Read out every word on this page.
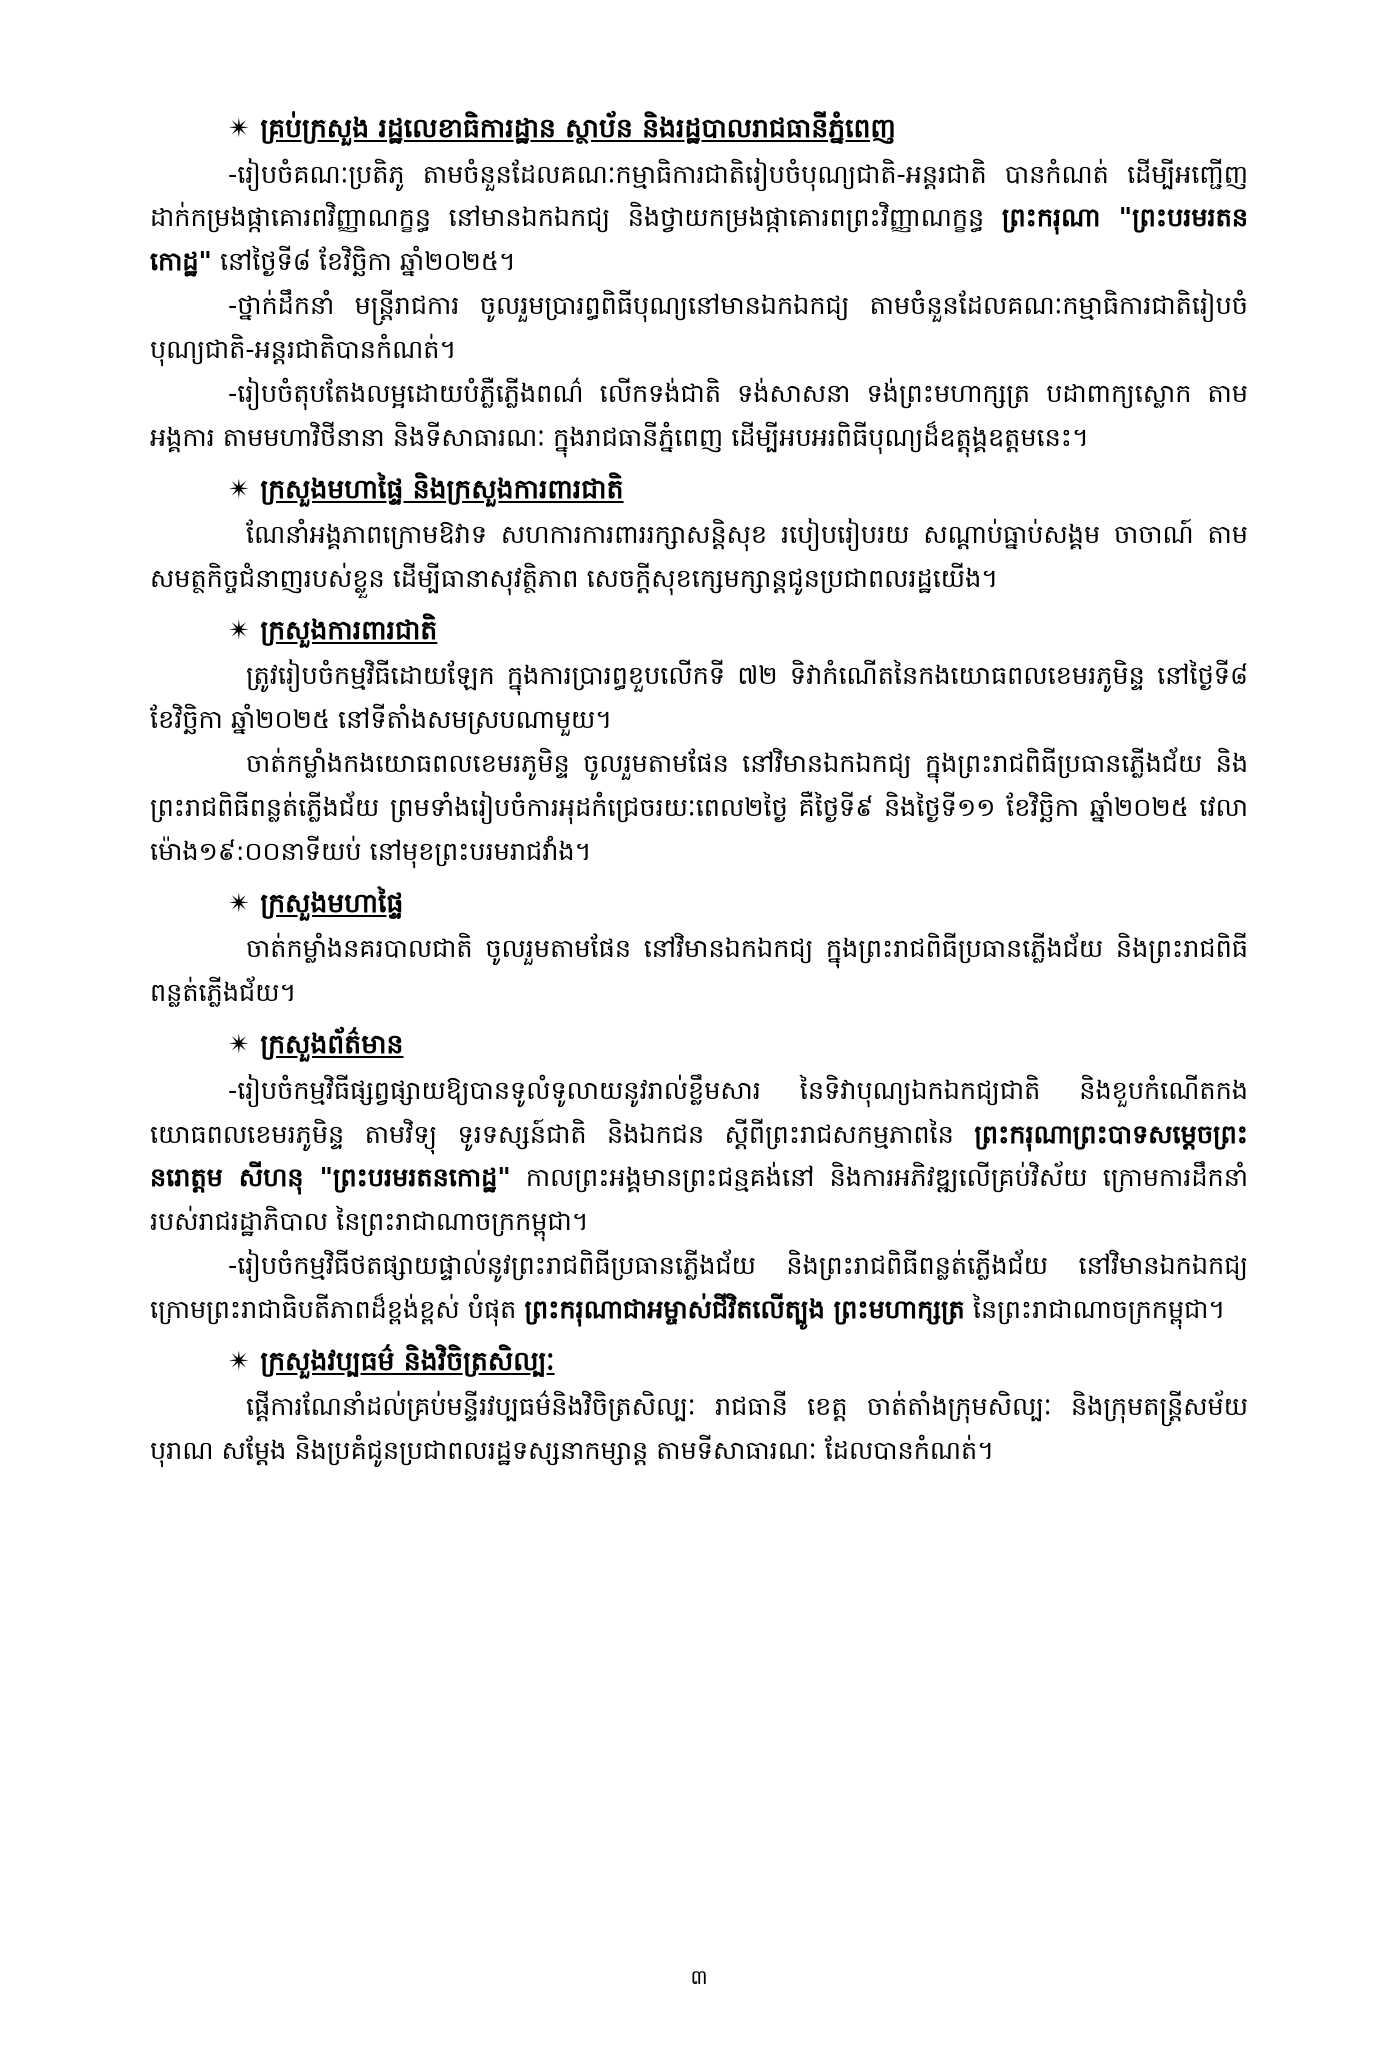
✴ គ្រប់ក្រសួង រដ្ឋលេខាធិការដ្ឋាន ស្ថាប័ន និងរដ្ឋបាលរាជធានីភ្នំពេញ

-រៀបចំគណៈប្រតិភូ តាមចំនួនដែលគណៈកម្មាធិការជាតិរៀបចំបុណ្យជាតិ-អន្តរជាតិ បានកំណត់ ដើម្បីអញ្ជើញដាក់កម្រងផ្កាគោរពវិញ្ញាណក្ខន្ធ នៅមានឯកឯកជ្យ និងថ្វាយកម្រងផ្កាគោរពព្រះវិញ្ញាណក្ខន្ធ ព្រះករុណា "ព្រះបរមរតនកោដ្ឋ" នៅថ្ងៃទី៨ ខែវិច្ឆិកា ឆ្នាំ២០២៥។

-ថ្នាក់ដឹកនាំ មន្ត្រីរាជការ ចូលរួមប្រារព្ធពិធីបុណ្យនៅមានឯកឯកជ្យ តាមចំនួនដែលគណៈកម្មាធិការជាតិរៀបចំបុណ្យជាតិ-អន្តរជាតិបានកំណត់។

-រៀបចំតុបតែងលម្អដោយបំភ្លឺភ្លើងពណ៌ លើកទង់ជាតិ ទង់សាសនា ទង់ព្រះមហាក្សត្រ បដាពាក្យស្លោក តាមអង្គការ តាមមហាវិថីនានា និងទីសាធារណៈ ក្នុងរាជធានីភ្នំពេញ ដើម្បីអបអរពិធីបុណ្យដ៏ឧត្តុង្គឧត្តមនេះ។

✴ ក្រសួងមហាផ្ទៃ និងក្រសួងការពារជាតិ

ណែនាំអង្គភាពក្រោមឱវាទ សហការការពាររក្សាសន្តិសុខ របៀបរៀបរយ សណ្តាប់ធ្នាប់សង្គម ចាចាណ៍ តាមសមត្ថកិច្ចជំនាញរបស់ខ្លួន ដើម្បីធានាសុវត្ថិភាព សេចក្តីសុខក្សេមក្សាន្តជូនប្រជាពលរដ្ឋយើង។

✴ ក្រសួងការពារជាតិ

ត្រូវរៀបចំកម្មវិធីដោយឡែក ក្នុងការប្រារព្ធខួបលើកទី ៧២ ទិវាកំណើតនៃកងយោធពលខេមរភូមិន្ទ នៅថ្ងៃទី៨ ខែវិច្ឆិកា ឆ្នាំ២០២៥ នៅទីតាំងសមស្របណាមួយ។

ចាត់កម្លាំងកងយោធពលខេមរភូមិន្ទ ចូលរួមតាមផែន នៅវិមានឯកឯកជ្យ ក្នុងព្រះរាជពិធីប្រធានភ្លើងជ័យ និងព្រះរាជពិធីពន្លត់ភ្លើងជ័យ ព្រមទាំងរៀបចំការអុដកំជ្រេចរយៈពេល២ថ្ងៃ គឺថ្ងៃទី៩ និងថ្ងៃទី១១ ខែវិច្ឆិកា ឆ្នាំ២០២៥ វេលាម៉ោង១៩:០០នាទីយប់ នៅមុខព្រះបរមរាជវាំង។

✴ ក្រសួងមហាផ្ទៃ

ចាត់កម្លាំងនគរបាលជាតិ ចូលរួមតាមផែន នៅវិមានឯកឯកជ្យ ក្នុងព្រះរាជពិធីប្រធានភ្លើងជ័យ និងព្រះរាជពិធីពន្លត់ភ្លើងជ័យ។

✴ ក្រសួងព័ត៌មាន

-រៀបចំកម្មវិធីផ្សព្វផ្សាយឱ្យបានទូលំទូលាយនូវរាល់ខ្លឹមសារ នៃទិវាបុណ្យឯកឯកជ្យជាតិ និងខួបកំណើតកងយោធពលខេមរភូមិន្ទ តាមវិទ្យុ ទូរទស្សន៍ជាតិ និងឯកជន ស្តីពីព្រះរាជសកម្មភាពនៃ ព្រះករុណាព្រះបាទសម្តេចព្រះ នរោត្តម សីហនុ "ព្រះបរមរតនកោដ្ឋ" កាលព្រះអង្គមានព្រះជន្មគង់នៅ និងការអភិវឌ្ឍលើគ្រប់វិស័យ ក្រោមការដឹកនាំរបស់រាជរដ្ឋាភិបាល នៃព្រះរាជាណាចក្រកម្ពុជា។

-រៀបចំកម្មវិធីថតផ្សាយផ្ទាល់នូវព្រះរាជពិធីប្រធានភ្លើងជ័យ និងព្រះរាជពិធីពន្លត់ភ្លើងជ័យ នៅវិមានឯកឯកជ្យ ក្រោមព្រះរាជាធិបតីភាពដ៏ខ្ពង់ខ្ពស់ បំផុត ព្រះករុណាជាអម្ចាស់ជីវិតលើត្បូង ព្រះមហាក្សត្រ នៃព្រះរាជាណាចក្រកម្ពុជា។

✴ ក្រសួងវប្បធម៌ និងវិចិត្រសិល្បៈ

ផ្តើការណែនាំដល់គ្រប់មន្ទីរវប្បធម៌និងវិចិត្រសិល្បៈ រាជធានី ខេត្ត ចាត់តាំងក្រុមសិល្បៈ និងក្រុមតន្ត្រីសម័យ បុរាណ សម្តែង និងប្រគំជូនប្រជាពលរដ្ឋទស្សនាកម្សាន្ត តាមទីសាធារណៈ ដែលបានកំណត់។

៣
